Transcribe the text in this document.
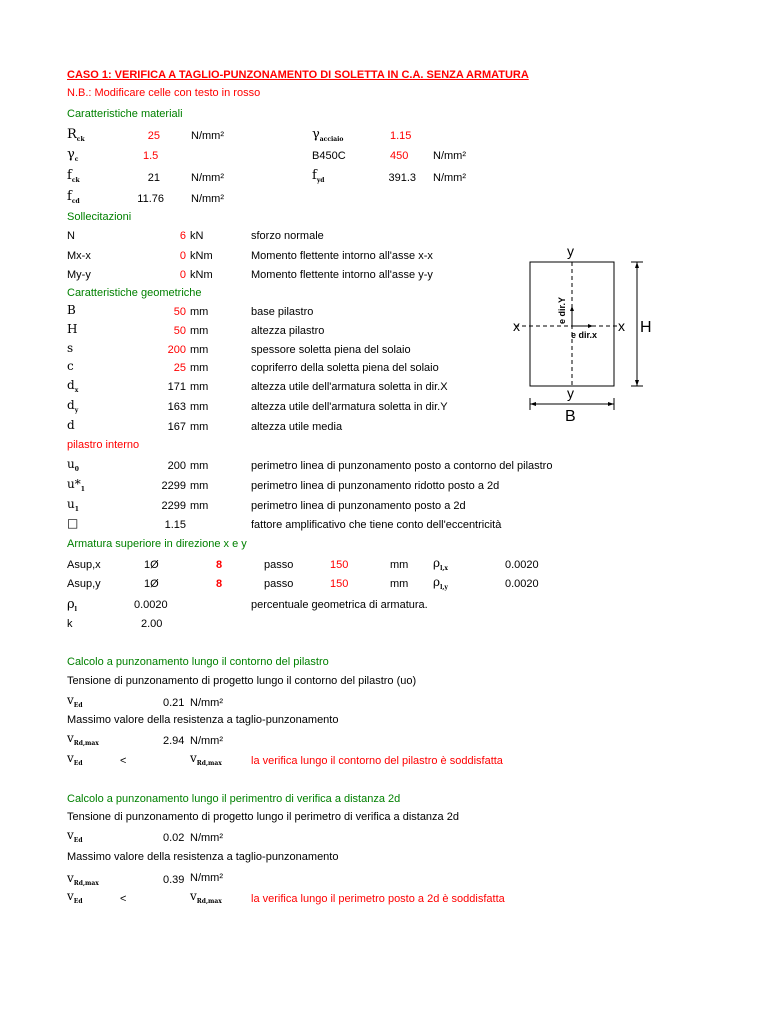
CASO 1: VERIFICA A TAGLIO-PUNZONAMENTO DI SOLETTA IN C.A. SENZA ARMATURA
N.B.: Modificare celle con testo in rosso
Caratteristiche materiali
$R_{ck}$	25	N/mm²	$\gamma_{acciaio}$	1.15
$\gamma_c$	1.5	B450C	450 N/mm²
$f_{ck}$	21	N/mm²	$f_{yd}$	391.3 N/mm²
$f_{cd}$	11.76 N/mm²
Sollecitazioni
N	6 kN	sforzo normale
Mx-x	0 kNm	Momento flettente intorno all'asse x-x
My-y	0 kNm	Momento flettente intorno all'asse y-y
Caratteristiche geometriche
B	50 mm	base pilastro
H	50 mm	altezza pilastro
s	200 mm	spessore soletta piena del solaio
c	25 mm	copriferro della soletta piena del solaio
$d_x$	171 mm	altezza utile dell'armatura soletta in dir.X
$d_y$	163 mm	altezza utile dell'armatura soletta in dir.Y
d	167 mm	altezza utile media
pilastro interno
$u_0$	200 mm	perimetro linea di punzonamento posto a contorno del pilastro
$u*_1$	2299 mm	perimetro linea di punzonamento ridotto posto a 2d
$u_1$	2299 mm	perimetro linea di punzonamento posto a 2d
□	1.15	fattore amplificativo che tiene conto dell'eccentricità
Armatura superiore in direzione x e y
Asup,x	1Ø	8	passo	150	mm $\rho_{l,x}$	0.0020
Asup,y	1Ø	8	passo	150	mm $\rho_{l,y}$	0.0020
$\rho_l$	0.0020	percentuale geometrica di armatura.
k	2.00
Calcolo a punzonamento lungo il contorno del pilastro
Tensione di punzonamento di progetto lungo il contorno del pilastro (uo)
$v_{Ed}$	0.21 N/mm²
Massimo valore della resistenza a taglio-punzonamento
$v_{Rd,max}$	2.94 N/mm²
$v_{Ed}$	<	$v_{Rd,max}$	la verifica lungo il contorno del pilastro è soddisfatta
Calcolo a punzonamento lungo il perimentro di verifica a distanza 2d
Tensione di punzonamento di progetto lungo il perimetro di verifica a distanza 2d
$v_{Ed}$	0.02 N/mm²
Massimo valore della resistenza a taglio-punzonamento
$v_{Rd,max}$	0.39 N/mm²
$v_{Ed}$	<	$v_{Rd,max}$	la verifica lungo il perimetro posto a 2d è soddisfatta
e dir.x
e dir.Y
y
y
x	x H
B
